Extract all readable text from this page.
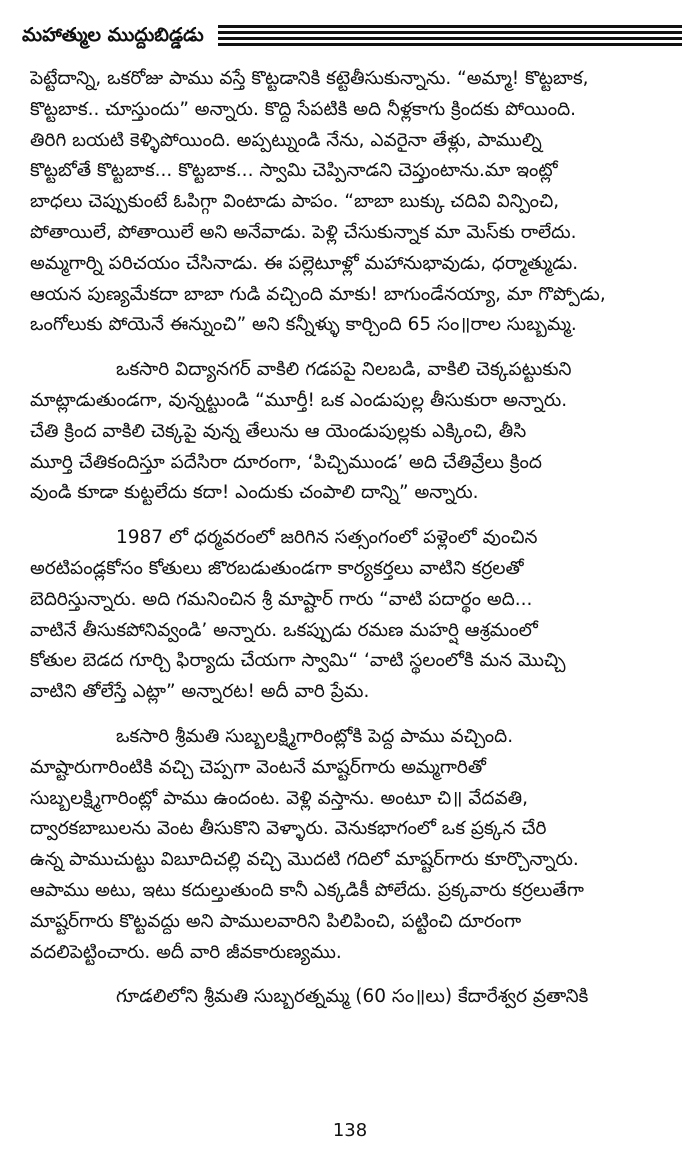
మహాత్ముల ముద్దుబిడ్డడు
పెట్టేదాన్ని, ఒకరోజు పాము వస్తే కొట్టడానికి కట్టెతీసుకున్నాను. “అమ్మా! కొట్టబాక,
కొట్టబాక.. చూస్తుందు” అన్నారు. కొద్ది సేపటికి అది నీళ్లకాగు క్రిందకు పోయింది.
తిరిగి బయటి కెళ్ళిపోయింది. అప్పట్నుండి నేను, ఎవరైనా తేళ్లు, పాముల్ని
కొట్టబోతే కొట్టబాక... కొట్టబాక... స్వామి చెప్పినాడని చెప్తుంటాను.మా ఇంట్లో
బాధలు చెప్పుకుంటే ఓపిగ్గా వింటాడు పాపం. “బాబా బుక్కు చదివి విన్పించి,
పోతాయిలే, పోతాయిలే అని అనేవాడు. పెళ్లి చేసుకున్నాక మా మెస్‌కు రాలేదు.
అమ్మగార్ని పరిచయం చేసినాడు. ఈ పల్లెటూళ్లో మహానుభావుడు, ధర్మాత్ముడు.
ఆయన పుణ్యమేకదా బాబా గుడి వచ్చింది మాకు! బాగుండేనయ్యా, మా గొప్పోడు,
ఒంగోలుకు పోయెనే ఈన్నుంచి” అని కన్నీళ్ళు కార్చింది 65 సం॥రాల సుబ్బమ్మ.
ఒకసారి విద్యానగర్ వాకిలి గడపపై నిలబడి, వాకిలి చెక్కపట్టుకుని
మాట్లాడుతుండగా, వున్నట్టుండి “మూర్తీ! ఒక ఎండుపుల్ల తీసుకురా అన్నారు.
చేతి క్రింద వాకిలి చెక్కపై వున్న తేలును ఆ యెండుపుల్లకు ఎక్కించి, తీసి
మూర్తి చేతికందిస్తూ పదేసిరా దూరంగా, ‘పిచ్చిముండ’ అది చేతివ్రేలు క్రింద
వుండి కూడా కుట్టలేదు కదా! ఎందుకు చంపాలి దాన్ని” అన్నారు.
1987 లో ధర్మవరంలో జరిగిన సత్సంగంలో పళ్లెంలో వుంచిన
అరటిపండ్లకోసం కోతులు జొరబడుతుండగా కార్యకర్తలు వాటిని కర్రలతో
బెదిరిస్తున్నారు. అది గమనించిన శ్రీ మాష్టార్ గారు “వాటి పదార్థం అది...
వాటినే తీసుకపోనివ్వండి’ అన్నారు. ఒకప్పుడు రమణ మహర్షి ఆశ్రమంలో
కోతుల బెడద గూర్చి ఫిర్యాదు చేయగా స్వామి“ ‘వాటి స్థలంలోకి మన మొచ్చి
వాటిని తోలేస్తే ఎట్లా” అన్నారట! అదీ వారి ప్రేమ.
ఒకసారి శ్రీమతి సుబ్బలక్ష్మిగారింట్లోకి పెద్ద పాము వచ్చింది.
మాష్టారుగారింటికి వచ్చి చెప్పగా వెంటనే మాష్టర్‌గారు అమ్మగారితో
సుబ్బలక్ష్మిగారింట్లో పాము ఉందంట. వెళ్లి వస్తాను. అంటూ చి॥ వేదవతి,
ద్వారకబాబులను వెంట తీసుకొని వెళ్ళారు. వెనుకభాగంలో ఒక ప్రక్కన చేరి
ఉన్న పాముచుట్టు విబూదిచల్లి వచ్చి మొదటి గదిలో మాష్టర్‌గారు కూర్చొన్నారు.
ఆపాము అటు, ఇటు కదుల్తుతుంది కానీ ఎక్కడికీ పోలేదు. ప్రక్కవారు కర్రలుతేగా
మాష్టర్‌గారు కొట్టవద్దు అని పాములవారిని పిలిపించి, పట్టించి దూరంగా
వదలిపెట్టించారు. అదీ వారి జీవకారుణ్యము.
గూడలిలోని శ్రీమతి సుబ్బరత్నమ్మ (60 సం॥లు) కేదారేశ్వర వ్రతానికి
138
